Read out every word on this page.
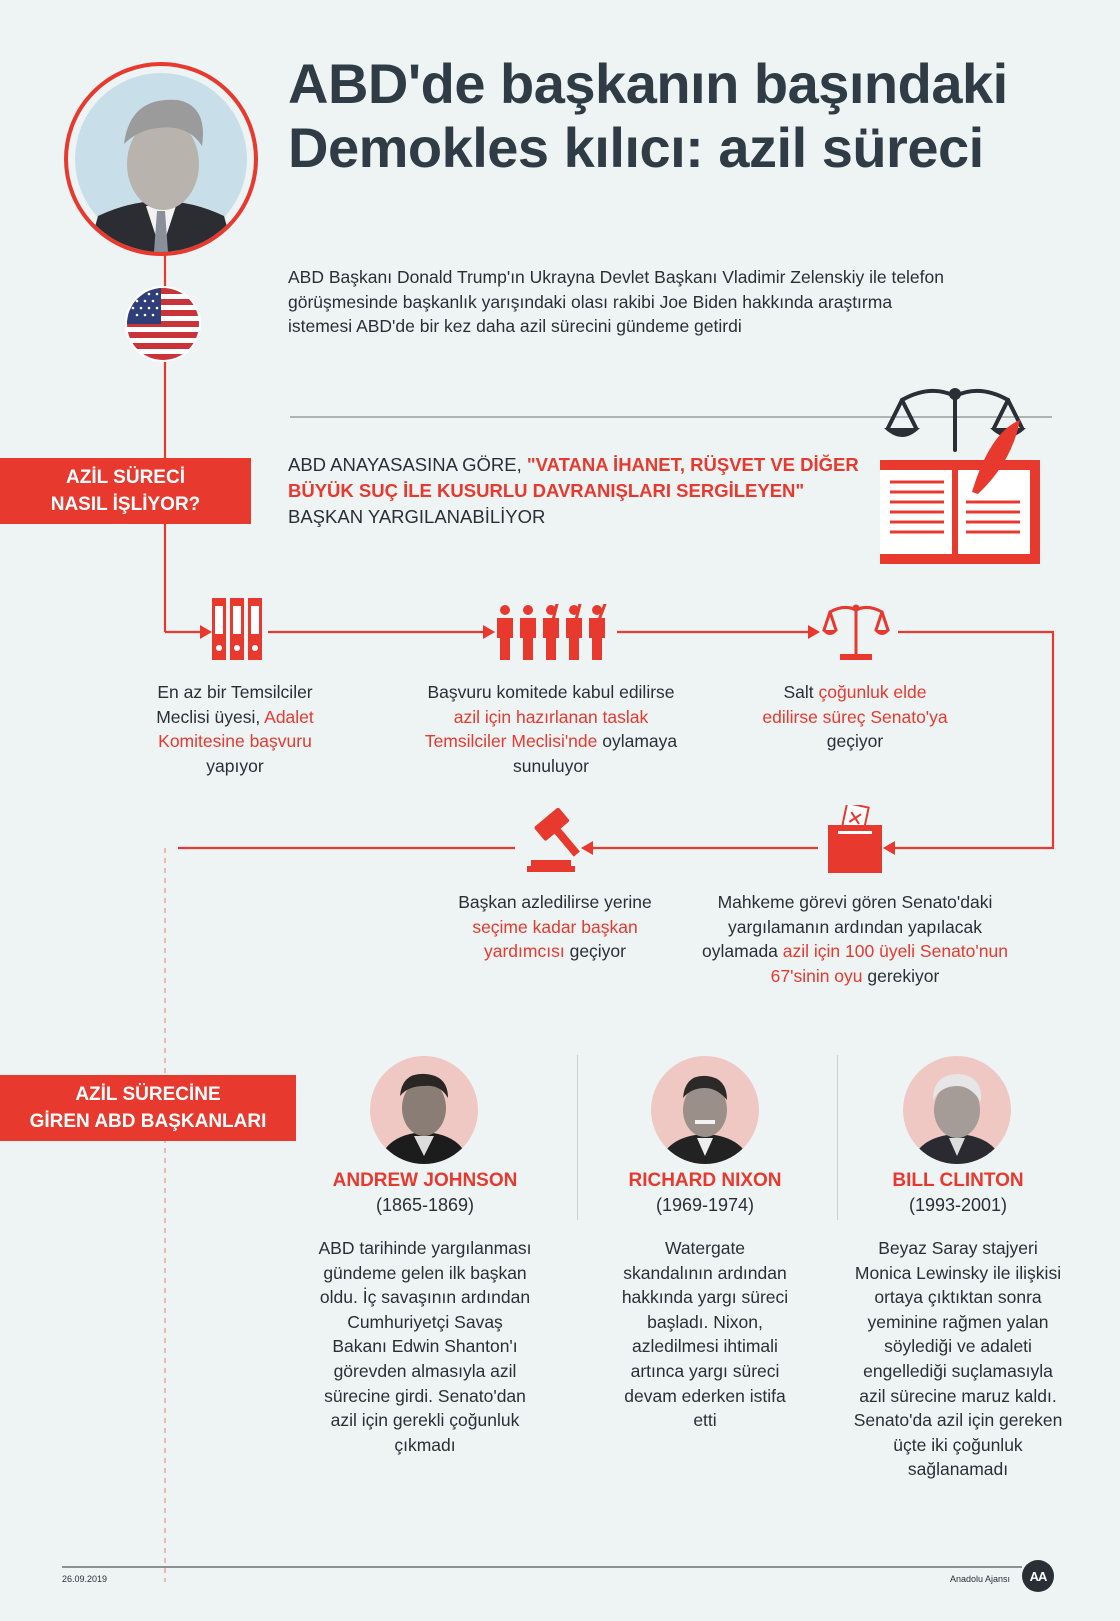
ABD'de başkanın başındaki Demokles kılıcı: azil süreci
ABD Başkanı Donald Trump'ın Ukrayna Devlet Başkanı Vladimir Zelenskiy ile telefon görüşmesinde başkanlık yarışındaki olası rakibi Joe Biden hakkında araştırma istemesi ABD'de bir kez daha azil sürecini gündeme getirdi
AZİL SÜRECİ
NASIL İŞLİYOR?
ABD ANAYASASINA GÖRE, "VATANA İHANET, RÜŞVET VE DİĞER BÜYÜK SUÇ İLE KUSURLU DAVRANIŞLARI SERGİLEYEN"
BAŞKAN YARGILANABİLİYOR
En az bir Temsilciler Meclisi üyesi, Adalet Komitesine başvuru yapıyor
Başvuru komitede kabul edilirse azil için hazırlanan taslak Temsilciler Meclisi'nde oylamaya sunuluyor
Salt çoğunluk elde edilirse süreç Senato'ya geçiyor
Mahkeme görevi gören Senato'daki yargılamanın ardından yapılacak oylamada azil için 100 üyeli Senato'nun 67'sinin oyu gerekiyor
Başkan azledilirse yerine seçime kadar başkan yardımcısı geçiyor
AZİL SÜRECİNE
GİREN ABD BAŞKANLARI
ANDREW JOHNSON
(1865-1869)
ABD tarihinde yargılanması gündeme gelen ilk başkan oldu. İç savaşının ardından Cumhuriyetçi Savaş Bakanı Edwin Shanton'ı görevden almasıyla azil sürecine girdi. Senato'dan azil için gerekli çoğunluk çıkmadı
RICHARD NIXON
(1969-1974)
Watergate skandalının ardından hakkında yargı süreci başladı. Nixon, azledilmesi ihtimali artınca yargı süreci devam ederken istifa etti
BILL CLINTON
(1993-2001)
Beyaz Saray stajyeri Monica Lewinsky ile ilişkisi ortaya çıktıktan sonra yeminine rağmen yalan söylediği ve adaleti engellediği suçlamasıyla azil sürecine maruz kaldı. Senato'da azil için gereken üçte iki çoğunluk sağlanamadı
26.09.2019	Anadolu Ajansı AA
